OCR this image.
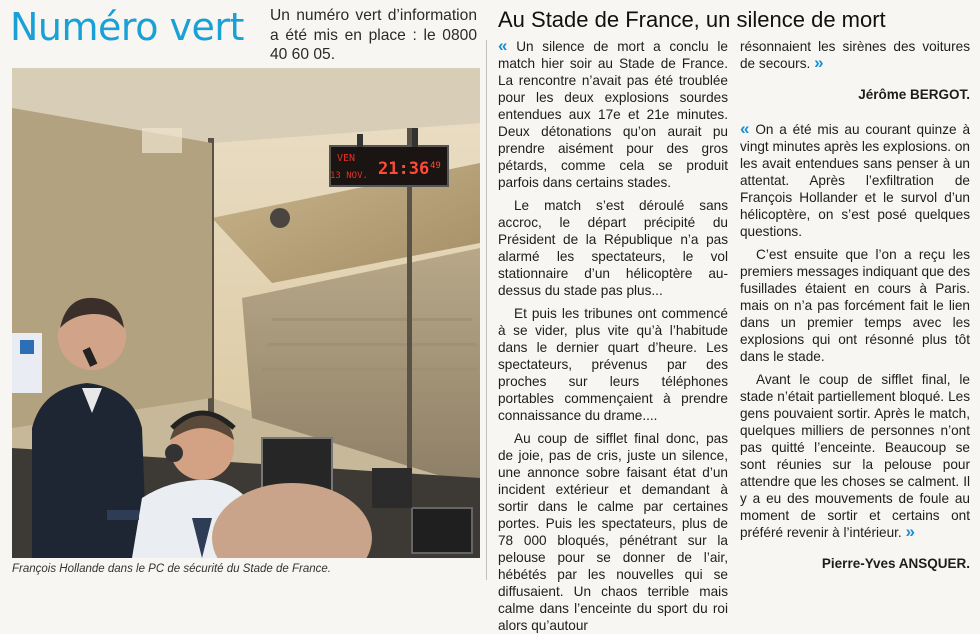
Numéro vert Un numéro vert d’information a été mis en place : le 0800 40 60 05.
VEN
13 NOV. 21:36 49
François Hollande dans le PC de sécurité du Stade de France.
Au Stade de France, un silence de mort

« Un silence de mort a conclu le match hier soir au Stade de France. La rencontre n’avait pas été troublée pour les deux explosions sourdes entendues aux 17e et 21e minutes. Deux détonations qu’on aurait pu prendre aisément pour des gros pétards, comme cela se produit parfois dans certains stades.

Le match s’est déroulé sans accroc, le départ précipité du Président de la République n’a pas alarmé les spectateurs, le vol stationnaire d’un hélicoptère au-dessus du stade pas plus...

Et puis les tribunes ont commencé à se vider, plus vite qu’à l’habitude dans le dernier quart d’heure. Les spectateurs, prévenus par des proches sur leurs téléphones portables commençaient à prendre connaissance du drame....

Au coup de sifflet final donc, pas de joie, pas de cris, juste un silence, une annonce sobre faisant état d’un incident extérieur et demandant à sortir dans le calme par certaines portes. Puis les spectateurs, plus de 78 000 bloqués, pénétrant sur la pelouse pour se donner de l’air, hébétés par les nouvelles qui se diffusaient. Un chaos terrible mais calme dans l’enceinte du sport du roi alors qu’autour

résonnaient les sirènes des voitures de secours. »

Jérôme BERGOT.

« On a été mis au courant quinze à vingt minutes après les explosions. on les avait entendues sans penser à un attentat. Après l’exfiltration de François Hollander et le survol d’un hélicoptère, on s’est posé quelques questions.

C’est ensuite que l’on a reçu les premiers messages indiquant que des fusillades étaient en cours à Paris. mais on n’a pas forcément fait le lien dans un premier temps avec les explosions qui ont résonné plus tôt dans le stade.

Avant le coup de sifflet final, le stade n’était partiellement bloqué. Les gens pouvaient sortir. Après le match, quelques milliers de personnes n’ont pas quitté l’enceinte. Beaucoup se sont réunies sur la pelouse pour attendre que les choses se calment. Il y a eu des mouvements de foule au moment de sortir et certains ont préféré revenir à l’intérieur. »

Pierre-Yves ANSQUER.
